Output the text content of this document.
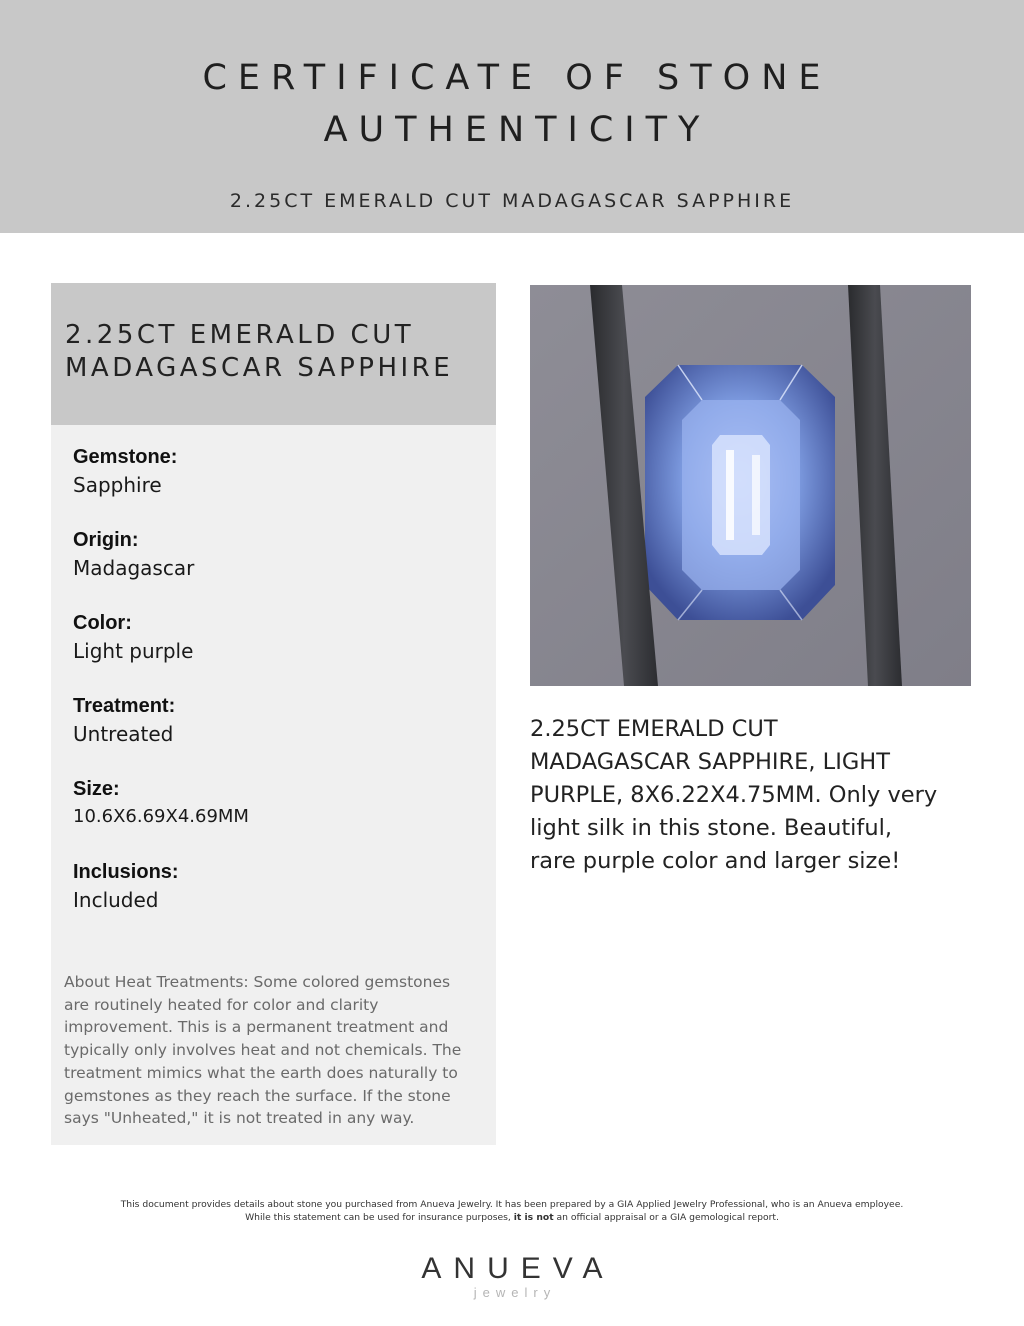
CERTIFICATE OF STONE
AUTHENTICITY
2.25CT EMERALD CUT MADAGASCAR SAPPHIRE
2.25CT EMERALD CUT
MADAGASCAR SAPPHIRE
Gemstone:
Sapphire
Origin:
Madagascar
Color:
Light purple
Treatment:
Untreated
Size:
10.6X6.69X4.69MM
Inclusions:
Included
About Heat Treatments: Some colored gemstones
are routinely heated for color and clarity
improvement. This is a permanent treatment and
typically only involves heat and not chemicals. The
treatment mimics what the earth does naturally to
gemstones as they reach the surface. If the stone
says "Unheated," it is not treated in any way.
2.25CT EMERALD CUT
MADAGASCAR SAPPHIRE, LIGHT
PURPLE, 8X6.22X4.75MM. Only very
light silk in this stone. Beautiful,
rare purple color and larger size!
This document provides details about stone you purchased from Anueva Jewelry. It has been prepared by a GIA Applied Jewelry Professional, who is an Anueva employee.
While this statement can be used for insurance purposes, it is not an official appraisal or a GIA gemological report.
ANUEVA
jewelry
